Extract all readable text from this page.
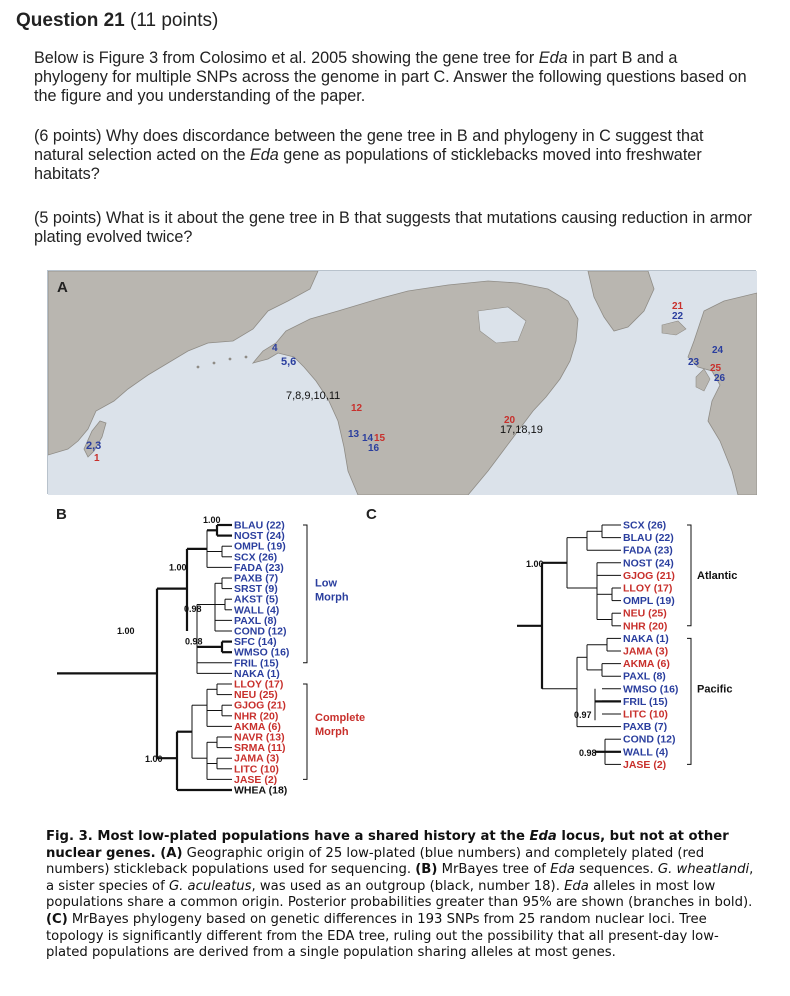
Question 21 (11 points)
Below is Figure 3 from Colosimo et al. 2005 showing the gene tree for Eda in part B and a phylogeny for multiple SNPs across the genome in part C. Answer the following questions based on the figure and you understanding of the paper.
(6 points) Why does discordance between the gene tree in B and phylogeny in C suggest that natural selection acted on the Eda gene as populations of sticklebacks moved into freshwater habitats?
(5 points) What is it about the gene tree in B that suggests that mutations causing reduction in armor plating evolved twice?
2,3
1
4
5,6
7,8,9,10,11
12
13 14 15
16
20
17,18,19
21
22
23
24
25
26
A
B	C
BLAU (22)
NOST (24)
OMPL (19)
SCX (26)
FADA (23)
PAXB (7)
SRST (9)
AKST (5)
WALL (4)
PAXL (8)
COND (12)
SFC (14)
WMSO (16)
FRIL (15)
NAKA (1)
LLOY (17)
NEU (25)
GJOG (21)
NHR (20)
AKMA (6)
NAVR (13)
SRMA (11)
JAMA (3)
LITC (10)
JASE (2)
WHEA (18)
1.00
1.00
1.00
0.98
0.98
1.00
Low
Morph
Complete
Morph
SCX (26)
BLAU (22)
FADA (23)
NOST (24)
GJOG (21)
LLOY (17)
OMPL (19)
NEU (25)
NHR (20)
NAKA (1)
JAMA (3)
AKMA (6)
PAXL (8)
WMSO (16)
FRIL (15)
LITC (10)
PAXB (7)
COND (12)
WALL (4)
JASE (2)
1.00
0.97
0.98
Atlantic
Pacific
Fig. 3. Most low-plated populations have a shared history at the Eda locus, but not at other nuclear genes. (A) Geographic origin of 25 low-plated (blue numbers) and completely plated (red numbers) stickleback populations used for sequencing. (B) MrBayes tree of Eda sequences. G. wheatlandi, a sister species of G. aculeatus, was used as an outgroup (black, number 18). Eda alleles in most low populations share a common origin. Posterior probabilities greater than 95% are shown (branches in bold). (C) MrBayes phylogeny based on genetic differences in 193 SNPs from 25 random nuclear loci. Tree topology is significantly different from the EDA tree, ruling out the possibility that all present-day low-plated populations are derived from a single population sharing alleles at most genes.
